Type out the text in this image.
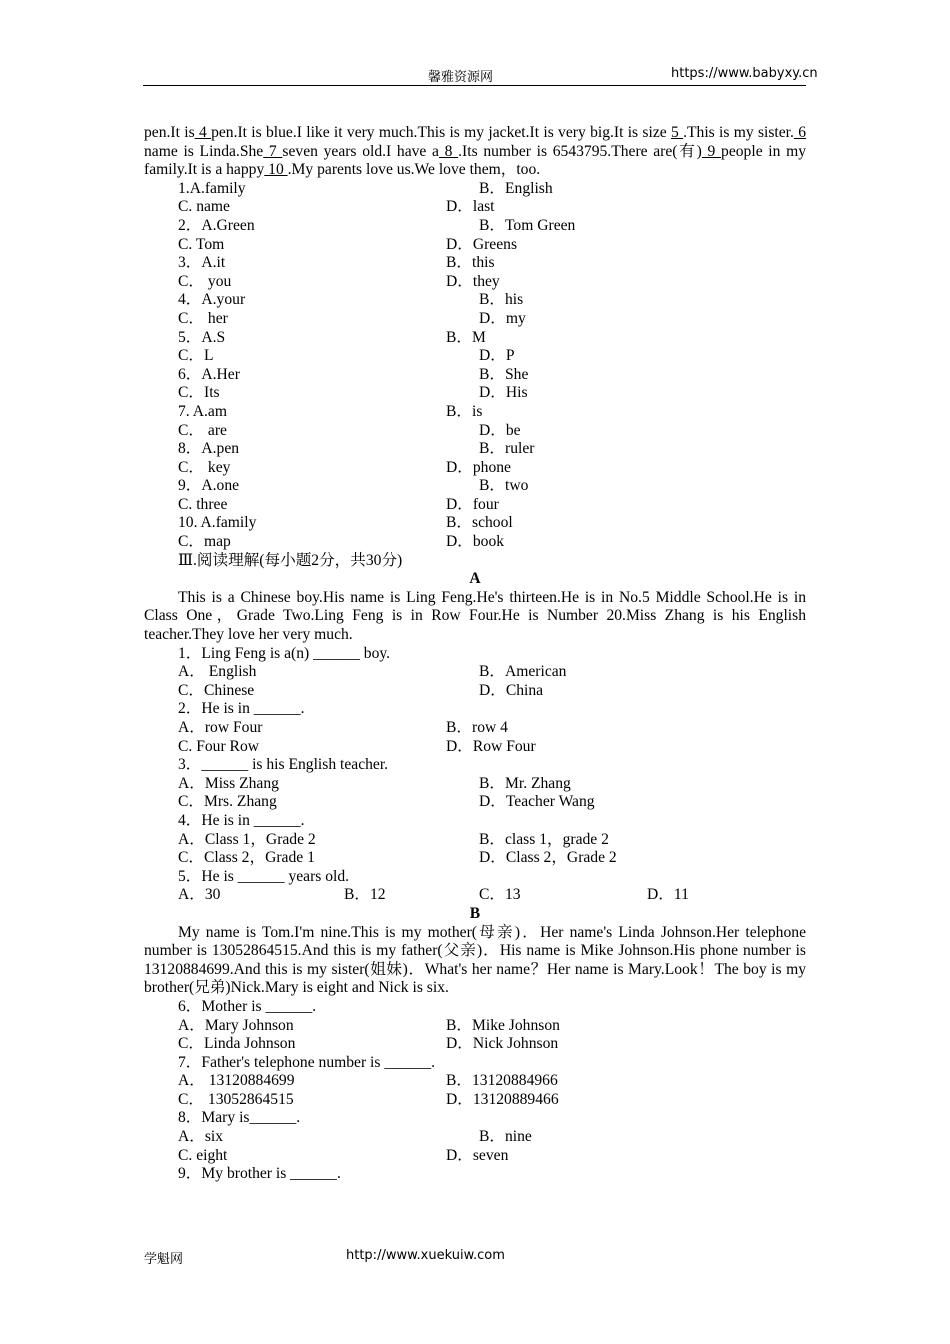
馨雅资源网	https://www.babyxy.cn

pen.It is 4 pen.It is blue.I like it very much.This is my jacket.It is very big.It is size 5 .This is my sister. 6 name is Linda.She 7 seven years old.I have a 8 .Its number is 6543795.There are(有) 9 people in my family.It is a happy 10 .My parents love us.We love them，too.

1.A.family	B．English
C. name	D．last
2．A.Green	B．Tom Green
C. Tom	D．Greens
3．A.it	B．this
C． you	D．they
4．A.your	B．his
C． her	D．my
5．A.S	B．M
C．L	D．P
6．A.Her	B．She
C．Its	D．His
7. A.am	B．is
C． are	D．be
8．A.pen	B．ruler
C． key	D．phone
9．A.one	B．two
C. three	D．four
10. A.family	B．school
C．map	D．book
Ⅲ.阅读理解(每小题2分，共30分)
A

This is a Chinese boy.His name is Ling Feng.He's thirteen.He is in No.5 Middle School.He is in Class One，Grade Two.Ling Feng is in Row Four.He is Number 20.Miss Zhang is his English teacher.They love her very much.

1．Ling Feng is a(n) ______ boy.
A． English	B．American
C．Chinese	D．China
2．He is in ______.
A．row Four	B．row 4
C. Four Row	D．Row Four
3．______ is his English teacher.
A．Miss Zhang	B．Mr. Zhang
C．Mrs. Zhang	D．Teacher Wang
4．He is in ______.
A．Class 1，Grade 2	B．class 1，grade 2
C．Class 2，Grade 1	D．Class 2，Grade 2
5．He is ______ years old.
A．30	B．12	C．13	D．11
B

My name is Tom.I'm nine.This is my mother(母亲)．Her name's Linda Johnson.Her telephone number is 13052864515.And this is my father(父亲)．His name is Mike Johnson.His phone number is 13120884699.And this is my sister(姐妹)．What's her name？Her name is Mary.Look！The boy is my brother(兄弟)Nick.Mary is eight and Nick is six.

6．Mother is ______.
A．Mary Johnson	B．Mike Johnson
C．Linda Johnson	D．Nick Johnson
7．Father's telephone number is ______.
A． 13120884699	B．13120884966
C． 13052864515	D．13120889466
8．Mary is______.
A．six	B．nine
C. eight	D．seven
9．My brother is ______.
学魁网	http://www.xuekuiw.com
